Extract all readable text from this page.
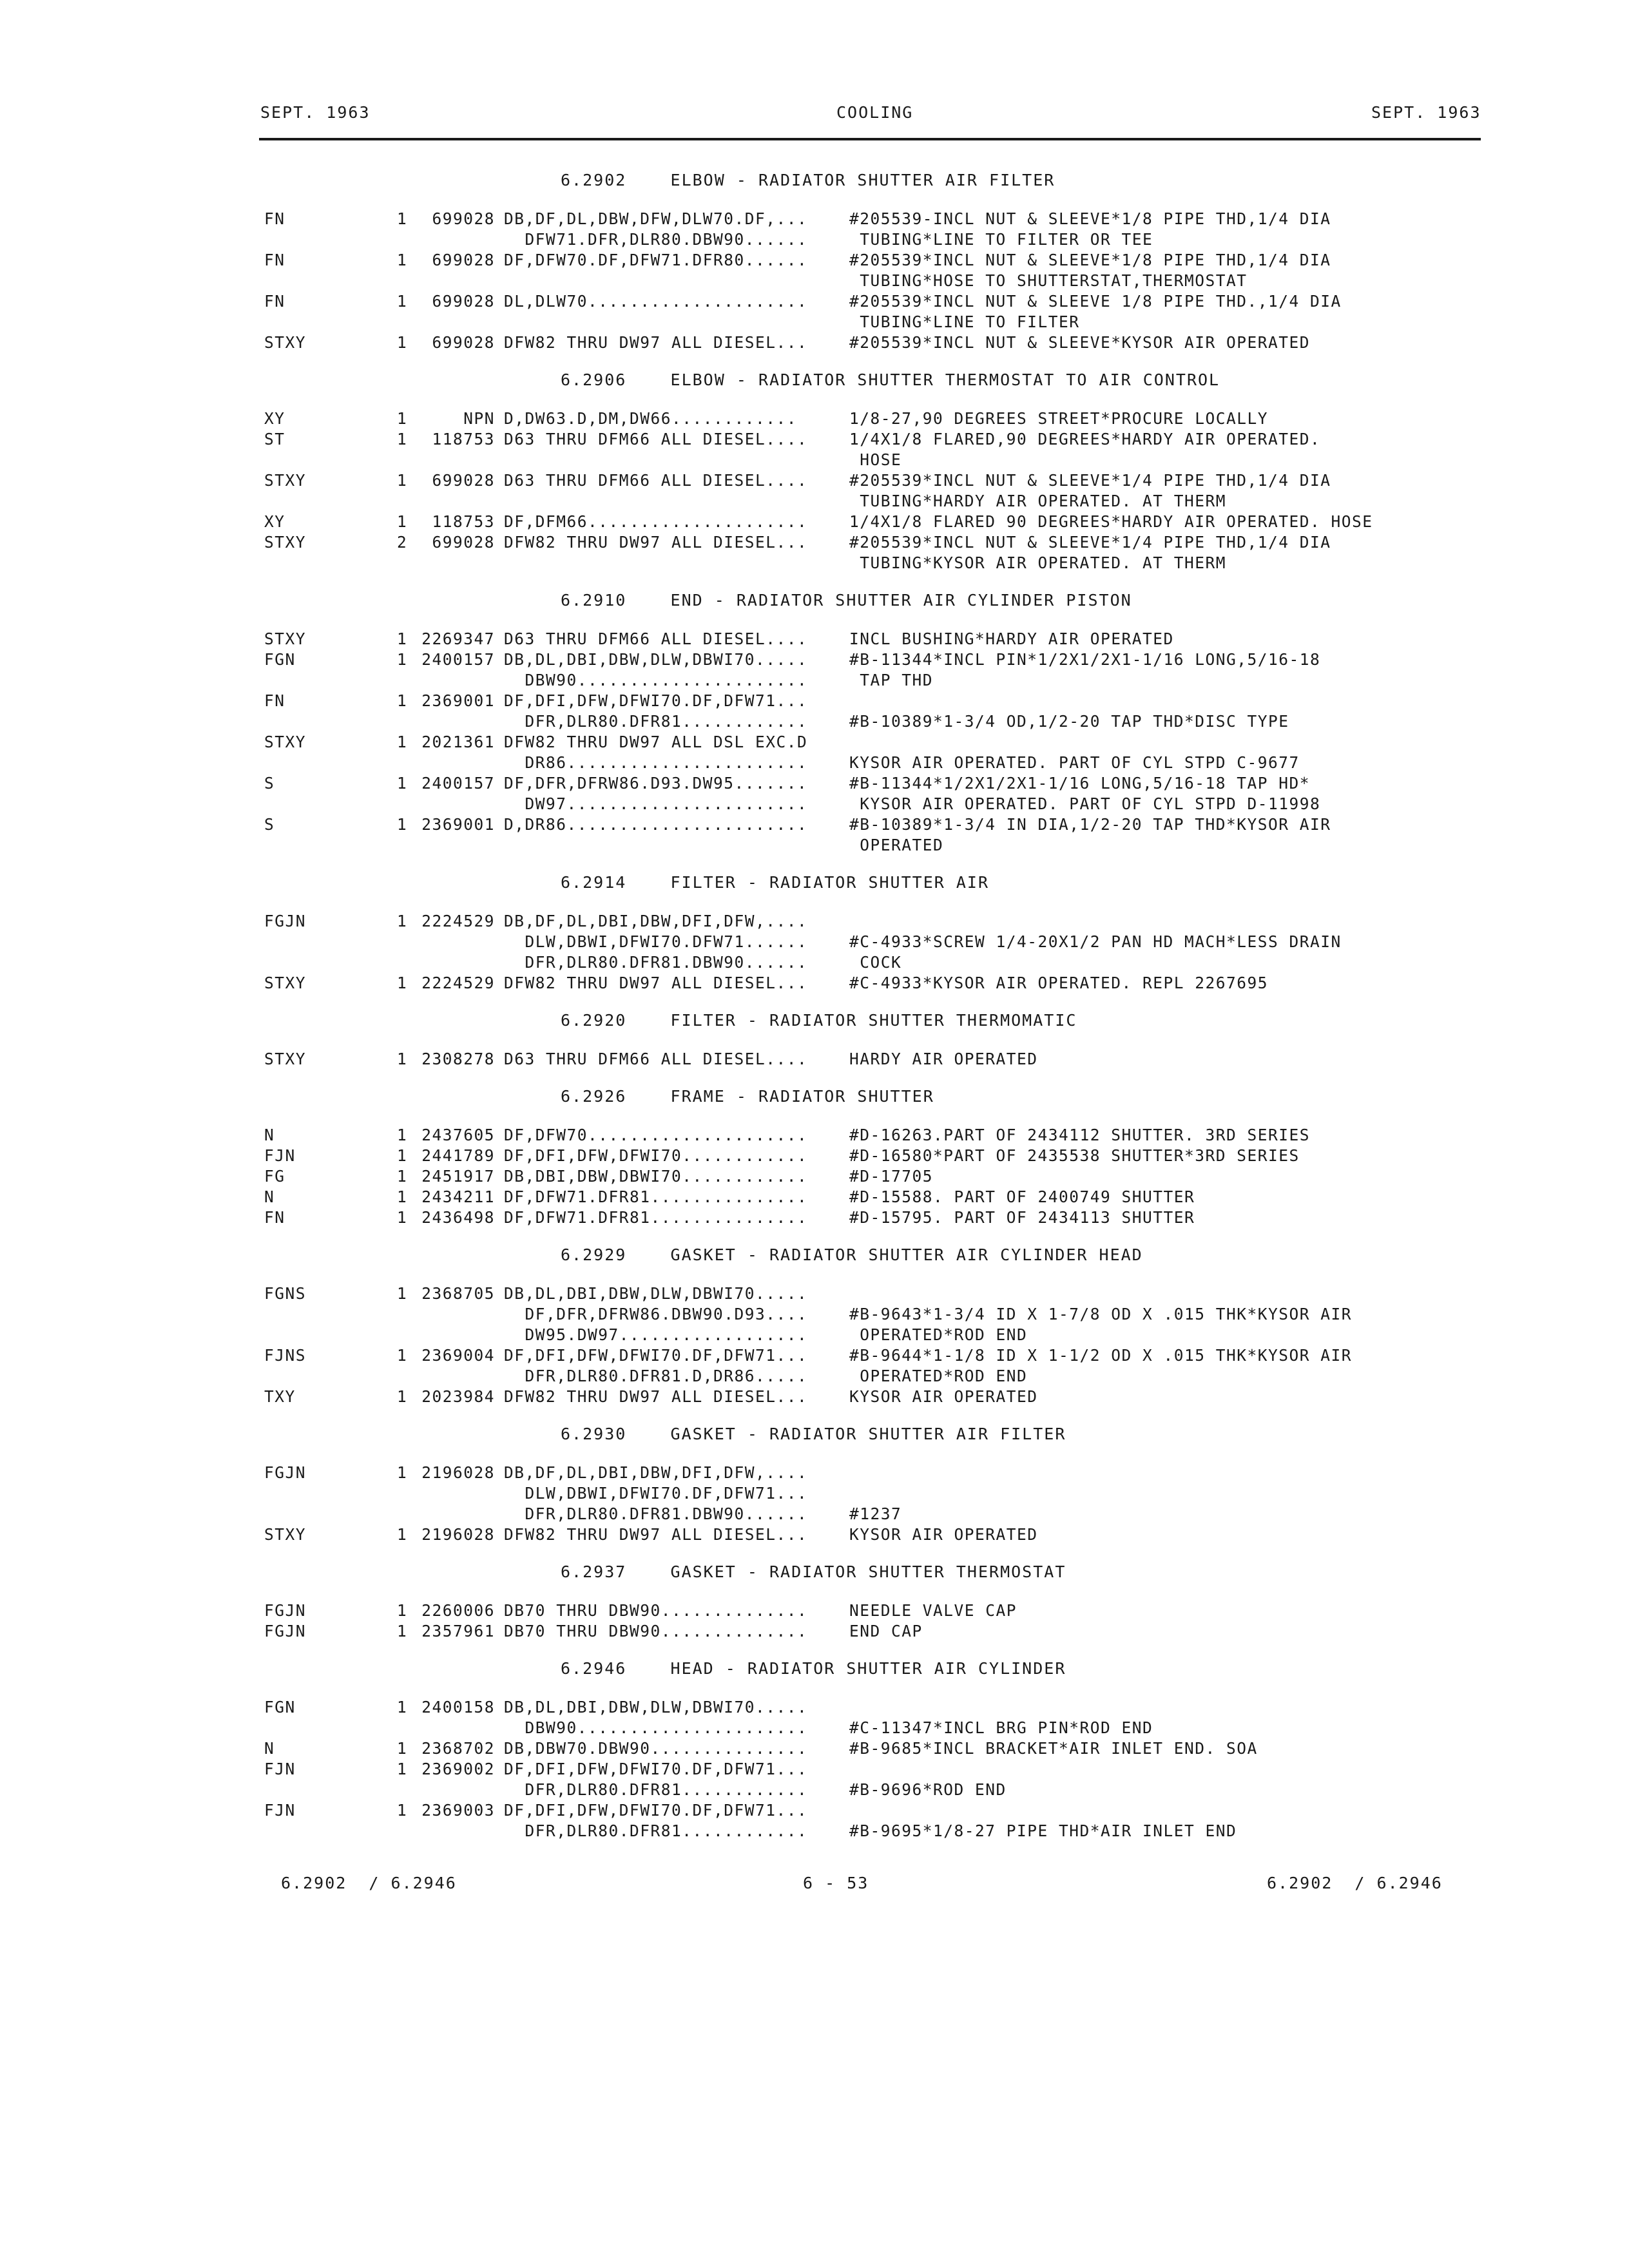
SEPT. 1963	COOLING	SEPT. 1963
6.2902	ELBOW - RADIATOR SHUTTER AIR FILTER
FN	1	699028 DB,DF,DL,DBW,DFW,DLW70.DF,...	#205539-INCL NUT & SLEEVE*1/8 PIPE THD,1/4 DIA
DFW71.DFR,DLR80.DBW90......	TUBING*LINE TO FILTER OR TEE
FN	1	699028 DF,DFW70.DF,DFW71.DFR80......	#205539*INCL NUT & SLEEVE*1/8 PIPE THD,1/4 DIA
TUBING*HOSE TO SHUTTERSTAT,THERMOSTAT
FN	1	699028 DL,DLW70.....................	#205539*INCL NUT & SLEEVE 1/8 PIPE THD.,1/4 DIA
TUBING*LINE TO FILTER
STXY	1	699028 DFW82 THRU DW97 ALL DIESEL...	#205539*INCL NUT & SLEEVE*KYSOR AIR OPERATED
6.2906	ELBOW - RADIATOR SHUTTER THERMOSTAT TO AIR CONTROL
XY	1	NPN D,DW63.D,DM,DW66............	1/8-27,90 DEGREES STREET*PROCURE LOCALLY
ST	1	118753 D63 THRU DFM66 ALL DIESEL....	1/4X1/8 FLARED,90 DEGREES*HARDY AIR OPERATED.
HOSE
STXY	1	699028 D63 THRU DFM66 ALL DIESEL....	#205539*INCL NUT & SLEEVE*1/4 PIPE THD,1/4 DIA
TUBING*HARDY AIR OPERATED. AT THERM
XY	1	118753 DF,DFM66.....................	1/4X1/8 FLARED 90 DEGREES*HARDY AIR OPERATED. HOSE
STXY	2	699028 DFW82 THRU DW97 ALL DIESEL...	#205539*INCL NUT & SLEEVE*1/4 PIPE THD,1/4 DIA
TUBING*KYSOR AIR OPERATED. AT THERM
6.2910	END - RADIATOR SHUTTER AIR CYLINDER PISTON
STXY	1 2269347 D63 THRU DFM66 ALL DIESEL....	INCL BUSHING*HARDY AIR OPERATED
FGN	1 2400157 DB,DL,DBI,DBW,DLW,DBWI70.....	#B-11344*INCL PIN*1/2X1/2X1-1/16 LONG,5/16-18
DBW90......................	TAP THD
FN	1 2369001 DF,DFI,DFW,DFWI70.DF,DFW71...
DFR,DLR80.DFR81............	#B-10389*1-3/4 OD,1/2-20 TAP THD*DISC TYPE
STXY	1 2021361 DFW82 THRU DW97 ALL DSL EXC.D
DR86.......................	KYSOR AIR OPERATED. PART OF CYL STPD C-9677
S	1 2400157 DF,DFR,DFRW86.D93.DW95.......	#B-11344*1/2X1/2X1-1/16 LONG,5/16-18 TAP HD*
DW97.......................	KYSOR AIR OPERATED. PART OF CYL STPD D-11998
S	1 2369001 D,DR86.......................	#B-10389*1-3/4 IN DIA,1/2-20 TAP THD*KYSOR AIR
OPERATED
6.2914	FILTER - RADIATOR SHUTTER AIR
FGJN	1 2224529 DB,DF,DL,DBI,DBW,DFI,DFW,....
DLW,DBWI,DFWI70.DFW71......	#C-4933*SCREW 1/4-20X1/2 PAN HD MACH*LESS DRAIN
DFR,DLR80.DFR81.DBW90......	COCK
STXY	1 2224529 DFW82 THRU DW97 ALL DIESEL...	#C-4933*KYSOR AIR OPERATED. REPL 2267695
6.2920	FILTER - RADIATOR SHUTTER THERMOMATIC
STXY	1 2308278 D63 THRU DFM66 ALL DIESEL....	HARDY AIR OPERATED
6.2926	FRAME - RADIATOR SHUTTER
N	1 2437605 DF,DFW70.....................	#D-16263.PART OF 2434112 SHUTTER. 3RD SERIES
FJN	1 2441789 DF,DFI,DFW,DFWI70............	#D-16580*PART OF 2435538 SHUTTER*3RD SERIES
FG	1 2451917 DB,DBI,DBW,DBWI70............	#D-17705
N	1 2434211 DF,DFW71.DFR81...............	#D-15588. PART OF 2400749 SHUTTER
FN	1 2436498 DF,DFW71.DFR81...............	#D-15795. PART OF 2434113 SHUTTER
6.2929	GASKET - RADIATOR SHUTTER AIR CYLINDER HEAD
FGNS	1 2368705 DB,DL,DBI,DBW,DLW,DBWI70.....
DF,DFR,DFRW86.DBW90.D93....	#B-9643*1-3/4 ID X 1-7/8 OD X .015 THK*KYSOR AIR
DW95.DW97..................	OPERATED*ROD END
FJNS	1 2369004 DF,DFI,DFW,DFWI70.DF,DFW71...	#B-9644*1-1/8 ID X 1-1/2 OD X .015 THK*KYSOR AIR
DFR,DLR80.DFR81.D,DR86.....	OPERATED*ROD END
TXY	1 2023984 DFW82 THRU DW97 ALL DIESEL...	KYSOR AIR OPERATED
6.2930	GASKET - RADIATOR SHUTTER AIR FILTER
FGJN	1 2196028 DB,DF,DL,DBI,DBW,DFI,DFW,....
DLW,DBWI,DFWI70.DF,DFW71...
DFR,DLR80.DFR81.DBW90......	#1237
STXY	1 2196028 DFW82 THRU DW97 ALL DIESEL...	KYSOR AIR OPERATED
6.2937	GASKET - RADIATOR SHUTTER THERMOSTAT
FGJN	1 2260006 DB70 THRU DBW90..............	NEEDLE VALVE CAP
FGJN	1 2357961 DB70 THRU DBW90..............	END CAP
6.2946	HEAD - RADIATOR SHUTTER AIR CYLINDER
FGN	1 2400158 DB,DL,DBI,DBW,DLW,DBWI70.....
DBW90......................	#C-11347*INCL BRG PIN*ROD END
N	1 2368702 DB,DBW70.DBW90...............	#B-9685*INCL BRACKET*AIR INLET END. SOA
FJN	1 2369002 DF,DFI,DFW,DFWI70.DF,DFW71...
DFR,DLR80.DFR81............	#B-9696*ROD END
FJN	1 2369003 DF,DFI,DFW,DFWI70.DF,DFW71...
DFR,DLR80.DFR81............	#B-9695*1/8-27 PIPE THD*AIR INLET END
6.2902  / 6.2946	6 - 53	6.2902  / 6.2946
